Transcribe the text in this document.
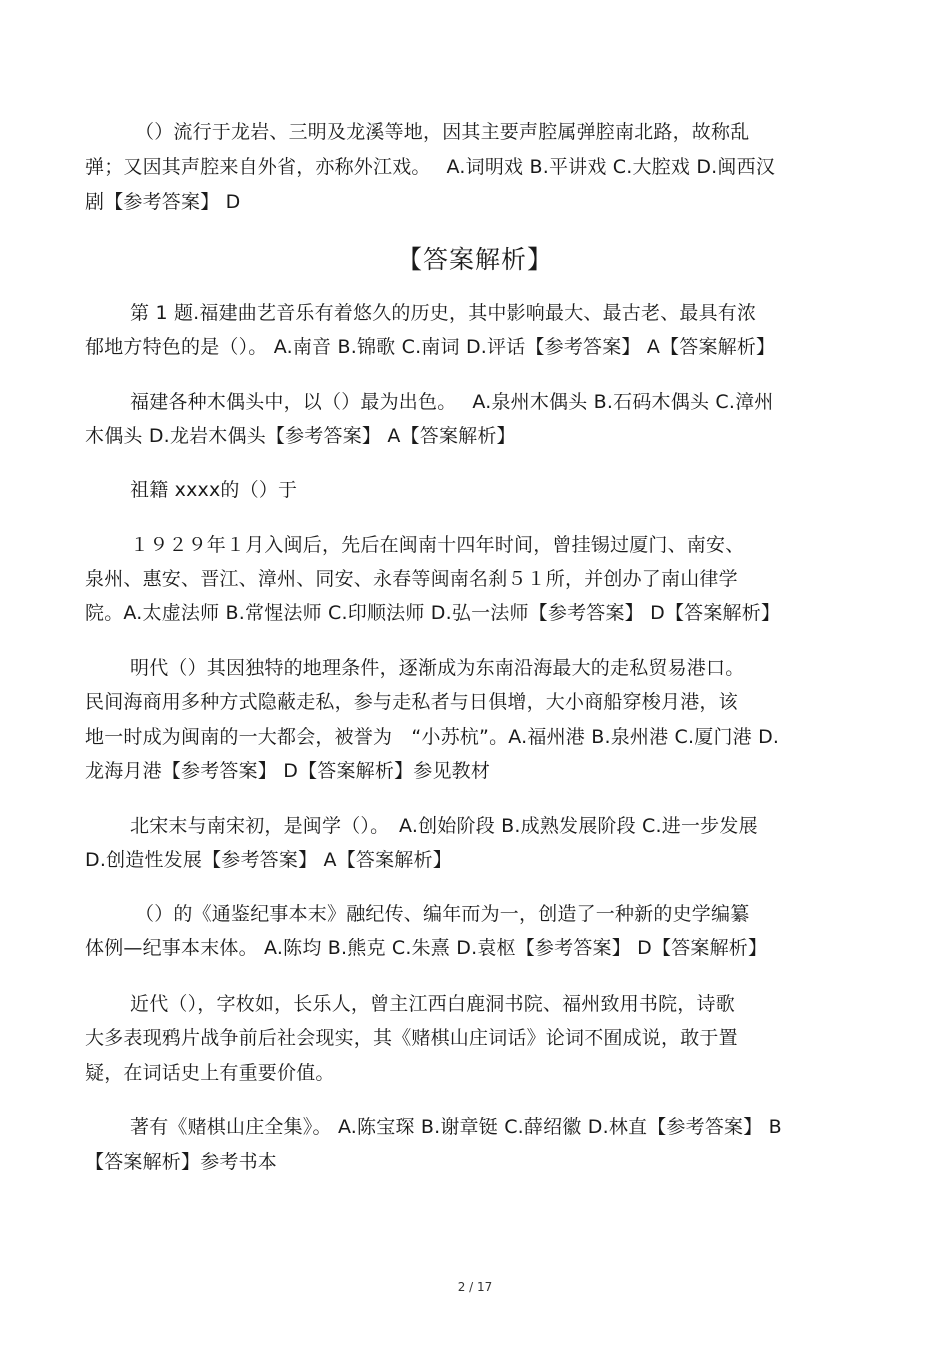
（）流行于龙岩、三明及龙溪等地，因其主要声腔属弹腔南北路，故称乱
弹；又因其声腔来自外省，亦称外江戏。　 A.词明戏 B.平讲戏 C.大腔戏 D.闽西汉
剧【参考答案】 D
【答案解析】
第 1 题.福建曲艺音乐有着悠久的历史，其中影响最大、最古老、最具有浓
郁地方特色的是（）。 A.南音 B.锦歌 C.南词 D.评话【参考答案】 A【答案解析】
福建各种木偶头中，以（）最为出色。　 A.泉州木偶头 B.石码木偶头 C.漳州
木偶头 D.龙岩木偶头【参考答案】 A【答案解析】
祖籍 xxxx的（）于
１９２９年１月入闽后，先后在闽南十四年时间，曾挂锡过厦门、南安、
泉州、惠安、晋江、漳州、同安、永春等闽南名刹５１所，并创办了南山律学
院。A.太虚法师 B.常惺法师 C.印顺法师 D.弘一法师【参考答案】 D【答案解析】
明代（）其因独特的地理条件，逐渐成为东南沿海最大的走私贸易港口。
民间海商用多种方式隐蔽走私，参与走私者与日俱增，大小商船穿梭月港，该
地一时成为闽南的一大都会，被誉为　“小苏杭”。A.福州港 B.泉州港 C.厦门港 D.
龙海月港【参考答案】 D【答案解析】参见教材
北宋末与南宋初，是闽学（）。　A.创始阶段 B.成熟发展阶段 C.进一步发展
D.创造性发展【参考答案】 A【答案解析】
（）的《通鉴纪事本末》融纪传、编年而为一，创造了一种新的史学编纂
体例—纪事本末体。 A.陈均 B.熊克 C.朱熹 D.袁枢【参考答案】 D【答案解析】
近代（），字枚如，长乐人，曾主江西白鹿洞书院、福州致用书院，诗歌
大多表现鸦片战争前后社会现实，其《赌棋山庄词话》论词不囿成说，敢于置
疑，在词话史上有重要价值。
著有《赌棋山庄全集》。 A.陈宝琛 B.谢章铤 C.薛绍徽 D.林直【参考答案】 B
【答案解析】参考书本
2 / 17
